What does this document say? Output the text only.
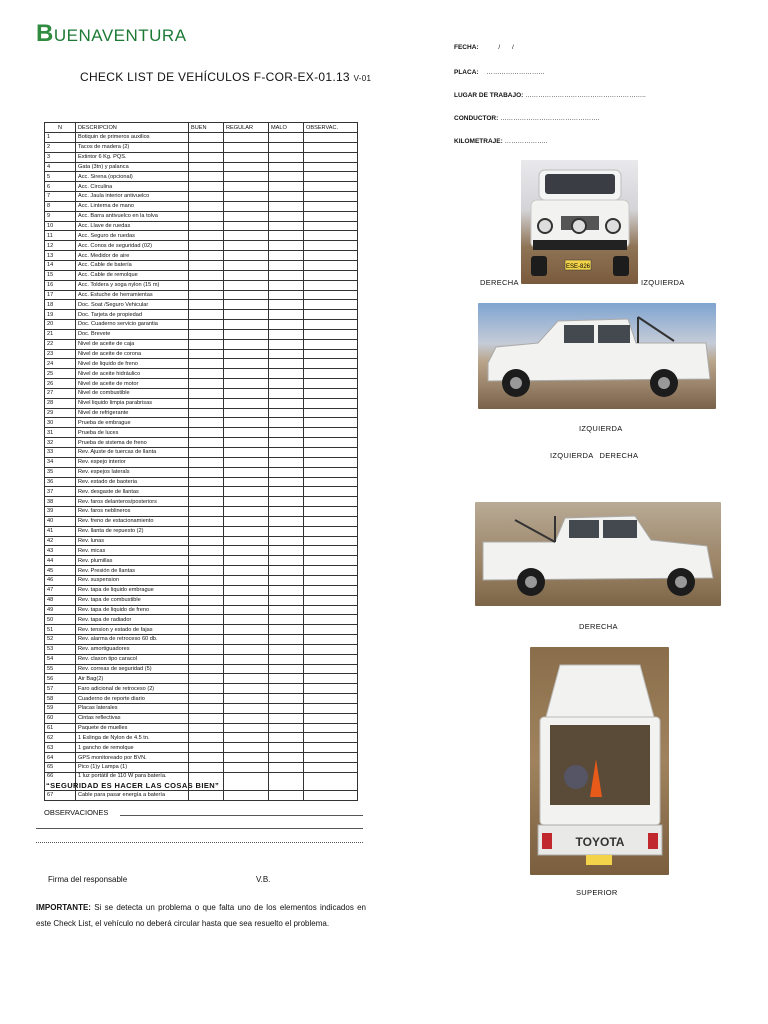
BUENAVENTURA
CHECK LIST DE VEHÍCULOS F-COR-EX-01.13 V-01
FECHA:	/ /
PLACA: ………………………
LUGAR DE TRABAJO: ………………………………………………..
CONDUCTOR: ……………………………………….
KILOMETRAJE: ………………..
N	DESCRIPCION	BUEN	REGULAR	MALO	OBSERVAC.
1	Botiquin de primeros auxilios				
2	Tacos de madera (2)				
3	Extintor 6 Kg. PQS.				
4	Gata (3tn) y palanca				
5	Acc. Sirena (opcional)				
6	Acc. Circulina				
7	Acc. Jaula interior antivuelco				
8	Acc. Linterna de mano				
9	Acc. Barra antivuelco en la tolva				
10	Acc. Llave de ruedas				
11	Acc. Seguro de ruedas				
12	Acc. Conos de seguridad (02)				
13	Acc. Medidor de aire				
14	Acc. Cable de batería				
15	Acc. Cable de remolque				
16	Acc. Toldera y soga nylon (15 m)				
17	Acc. Estuche de herramientas				
18	Doc. Soat /Seguro Vehicular				
19	Doc. Tarjeta de propiedad				
20	Doc. Cuaderno servicio garantia				
21	Doc. Brevete				
22	Nivel de aceite de caja				
23	Nivel de aceite de corona				
24	Nivel de liquido de freno				
25	Nivel de aceite hidráulico				
26	Nivel de aceite de motor				
27	Nivel de combustible				
28	Nivel liquido limpia parabrisas				
29	Nivel de refrigerante				
30	Prueba de embrague				
31	Prueba de luces				
32	Prueba de sistema de freno				
33	Rev. Ajuste de tuercas de llanta				
34	Rev. espejo interior				
35	Rev. espejos laterals				
36	Rev. estado de baoteria				
37	Rev. desgaste de llantas				
38	Rev. faros delanteros/posteriors				
39	Rev. faros neblineros				
40	Rev. freno de estacionamiento				
41	Rev. llanta de repuesto (2)				
42	Rev. lunas				
43	Rev. micas				
44	Rev. plumillas				
45	Rev. Presión de llantas				
46	Rev. suspension				
47	Rev. tapa de liquido embrague				
48	Rev. tapa de combustible				
49	Rev. tapa de liquido de freno				
50	Rev. tapa de radiador				
51	Rev. tension y estado de fajas				
52	Rev. alarma de retroceso 60 db.				
53	Rev. amortiguadores				
54	Rev. claxon tipo caracol				
55	Rev. correas de seguridad (5)				
56	Air Bag(2)				
57	Faro adicional de retroceso (2)				
58	Cuaderno de reporte diario				
59	Placas laterales				
60	Cintas reflectivas				
61	Paquete de muelles				
62	1 Eslinga de Nylon de 4.5 tn.				
63	1 gancho de remolque				
64	GPS monitoreado por BVN.				
65	Pico (1)y Lampa (1)				
66	1 luz portátil de 110 W para batería.				
67	Cable para pasar energía a batería				
“SEGURIDAD ES HACER LAS COSAS BIEN”
OBSERVACIONES
Firma del responsable	V.B.
IMPORTANTE: Si se detecta un problema o que falta uno de los elementos indicados en este Check List, el vehículo no deberá circular hasta que sea resuelto el problema.
ESE-826
DERECHA	IZQUIERDA
IZQUIERDA
IZQUIERDA DERECHA
DERECHA
TOYOTA
SUPERIOR
